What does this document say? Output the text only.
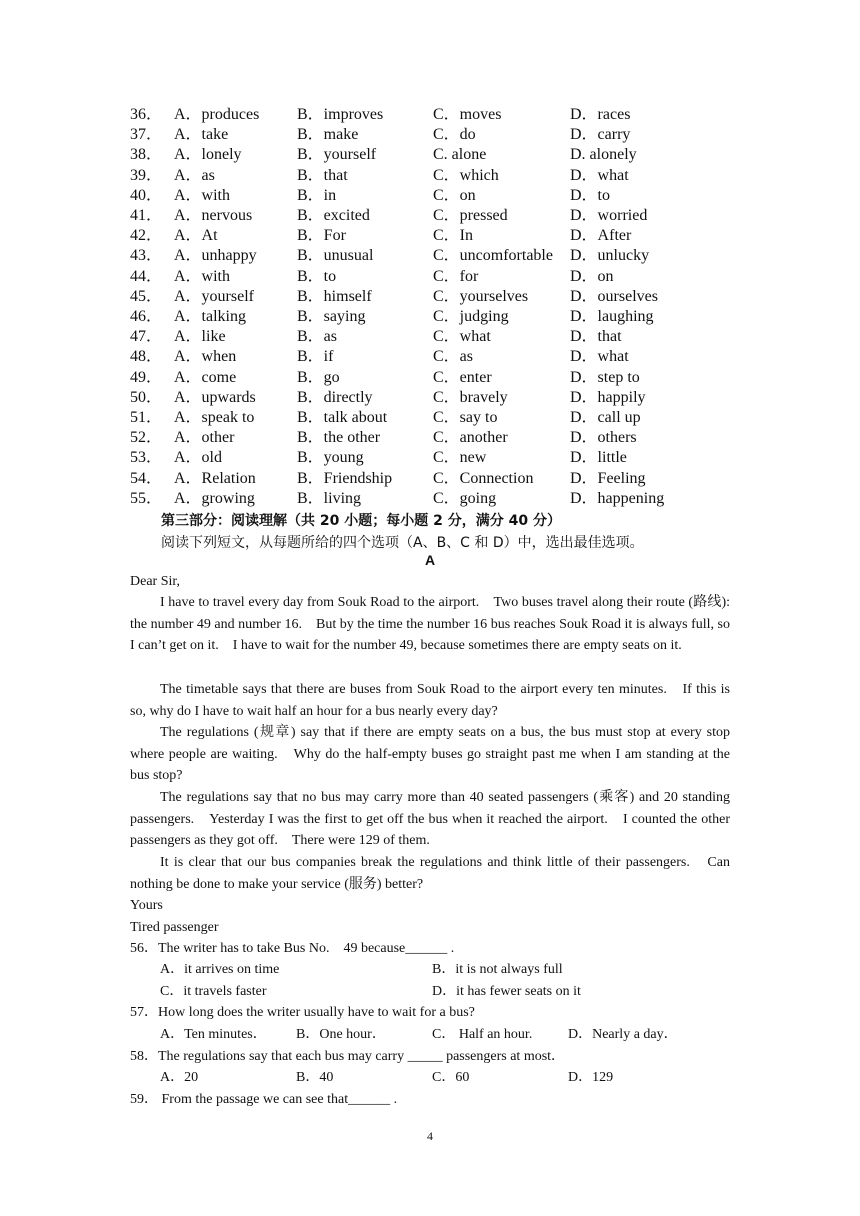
36． A．produces B．improves	C．moves	D．races
37． A．take	B．make	C．do	D．carry
38． A．lonely	B．yourself	C. alone	D. alonely
39． A．as	B．that	C．which	D．what
40． A．with	B．in	C．on	D．to
41． A．nervous	B．excited	C．pressed	D．worried
42． A．At	B．For	C．In	D．After
43． A．unhappy	B．unusual	C．uncomfortable D．unlucky
44． A．with	B．to	C．for	D．on
45． A．yourself	B．himself	C．yourselves	D．ourselves
46． A．talking	B．saying	C．judging	D．laughing
47． A．like	B．as	C．what	D．that
48． A．when	B．if	C．as	D．what
49． A．come	B．go	C．enter	D．step to
50． A．upwards	B．directly	C．bravely	D．happily
51． A．speak to	B．talk about	C．say to	D．call up
52． A．other	B．the other	C．another	D．others
53． A．old	B．young	C．new	D．little
54． A．Relation	B．Friendship	C．Connection D．Feeling
55． A．growing	B．living	C．going	D．happening
第三部分：阅读理解（共 20 小题；每小题 2 分，满分 40 分）
阅读下列短文，从每题所给的四个选项（A、B、C 和 D）中，选出最佳选项。
A
Dear Sir,
I have to travel every day from Souk Road to the airport.　Two buses travel along their route (路线): the number 49 and number 16.　But by the time the number 16 bus reaches Souk Road it is always full, so I can’t get on it.　I have to wait for the number 49, because sometimes there are empty seats on it.
The timetable says that there are buses from Souk Road to the airport every ten minutes.　If this is so, why do I have to wait half an hour for a bus nearly every day?
The regulations (规章) say that if there are empty seats on a bus, the bus must stop at every stop where people are waiting.　Why do the half-empty buses go straight past me when I am standing at the bus stop?
The regulations say that no bus may carry more than 40 seated passengers (乘客) and 20 standing passengers.　Yesterday I was the first to get off the bus when it reached the airport.　I counted the other passengers as they got off.　There were 129 of them.
It is clear that our bus companies break the regulations and think little of their passengers.　Can nothing be done to make your service (服务) better?
Yours
Tired passenger
56．The writer has to take Bus No.　49 because______ .
A．it arrives on time	B．it is not always full
C．it travels faster	D．it has fewer seats on it
57．How long does the writer usually have to wait for a bus?
A．Ten minutes． B．One hour．	C． Half an hour.	D．Nearly a day．
58．The regulations say that each bus may carry _____ passengers at most．
A．20	B．40	C．60	D．129
59． From the passage we can see that______ .
4
